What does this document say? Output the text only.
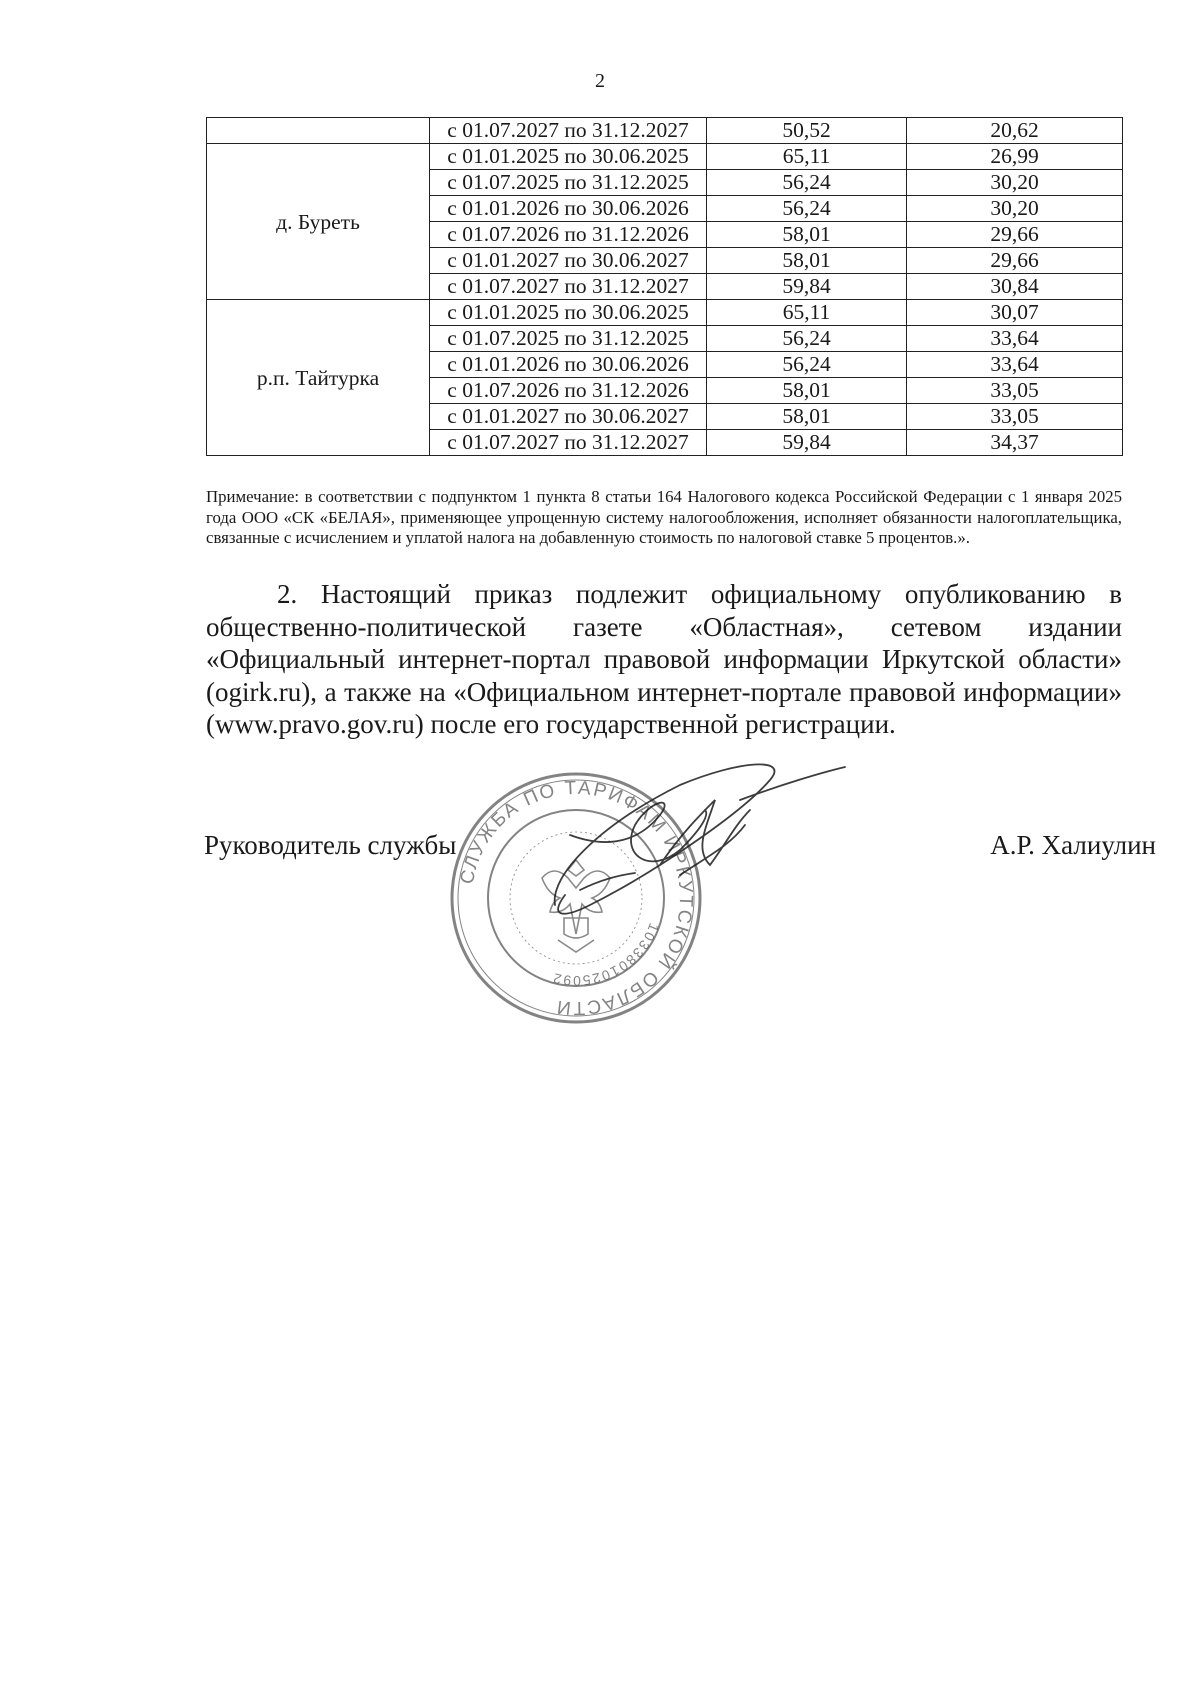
2
	с 01.07.2027 по 31.12.2027	50,52	20,62
д. Буреть	с 01.01.2025 по 30.06.2025	65,11	26,99
	с 01.07.2025 по 31.12.2025	56,24	30,20
	с 01.01.2026 по 30.06.2026	56,24	30,20
	с 01.07.2026 по 31.12.2026	58,01	29,66
	с 01.01.2027 по 30.06.2027	58,01	29,66
	с 01.07.2027 по 31.12.2027	59,84	30,84
р.п. Тайтурка	с 01.01.2025 по 30.06.2025	65,11	30,07
	с 01.07.2025 по 31.12.2025	56,24	33,64
	с 01.01.2026 по 30.06.2026	56,24	33,64
	с 01.07.2026 по 31.12.2026	58,01	33,05
	с 01.01.2027 по 30.06.2027	58,01	33,05
	с 01.07.2027 по 31.12.2027	59,84	34,37
Примечание: в соответствии с подпунктом 1 пункта 8 статьи 164 Налогового кодекса Российской Федерации с 1 января 2025 года ООО «СК «БЕЛАЯ», применяющее упрощенную систему налогообложения, исполняет обязанности налогоплательщика, связанные с исчислением и уплатой налога на добавленную стоимость по налоговой ставке 5 процентов.».
2. Настоящий приказ подлежит официальному опубликованию в общественно-политической газете «Областная», сетевом издании «Официальный интернет-портал правовой информации Иркутской области» (ogirk.ru), а также на «Официальном интернет-портале правовой информации» (www.pravo.gov.ru) после его государственной регистрации.
Руководитель службы	А.Р. Халиулин
СЛУЖБА ПО ТАРИФАМ ИРКУТСКОЙ ОБЛАСТИ
1033801025092
